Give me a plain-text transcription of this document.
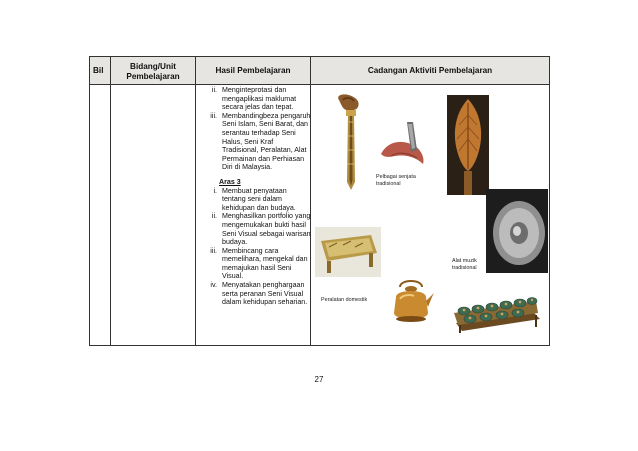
Bil	Bidang/Unit Pembelajaran
Hasil Pembelajaran	Cadangan Aktiviti Pembelajaran
ii. Menginteprotasi dan mengaplikasi maklumat secara jelas dan tepat.
iii. Membandingbeza pengaruh Seni Islam, Seni Barat, dan serantau terhadap Seni Halus, Seni Kraf Tradisional, Peralatan, Alat Permainan dan Perhiasan Diri di Malaysia.
Aras 3
i. Membuat penyataan tentang seni dalam kehidupan dan budaya.
ii. Menghasilkan portfolio yang mengemukakan bukti hasil Seni Visual sebagai warisan budaya.
iii. Membincang cara memelihara, mengekal dan memajukan hasil Seni Visual.
iv. Menyatakan penghargaan serta peranan Seni Visual dalam kehidupan seharian.
Pelbagai senjata tradisional
Alat muzik tradisional
Peralatan domestik
27
